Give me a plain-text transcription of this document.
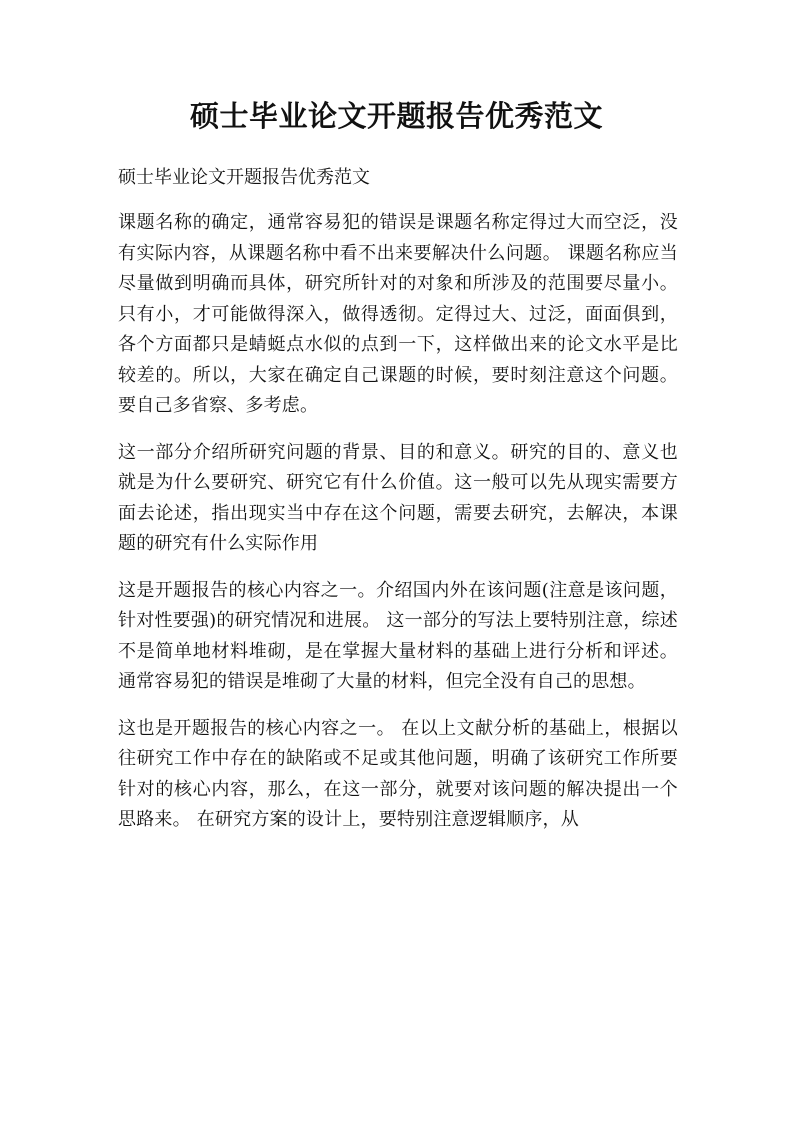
硕士毕业论文开题报告优秀范文

硕士毕业论文开题报告优秀范文

课题名称的确定，通常容易犯的错误是课题名称定得过大而空泛，没有实际内容，从课题名称中看不出来要解决什么问题。 课题名称应当尽量做到明确而具体，研究所针对的对象和所涉及的范围要尽量小。只有小，才可能做得深入，做得透彻。定得过大、过泛，面面俱到，各个方面都只是蜻蜓点水似的点到一下，这样做出来的论文水平是比较差的。所以，大家在确定自己课题的时候，要时刻注意这个问题。要自己多省察、多考虑。

这一部分介绍所研究问题的背景、目的和意义。研究的目的、意义也就是为什么要研究、研究它有什么价值。这一般可以先从现实需要方面去论述，指出现实当中存在这个问题，需要去研究，去解决，本课题的研究有什么实际作用

这是开题报告的核心内容之一。介绍国内外在该问题(注意是该问题，针对性要强)的研究情况和进展。 这一部分的写法上要特别注意，综述不是简单地材料堆砌，是在掌握大量材料的基础上进行分析和评述。通常容易犯的错误是堆砌了大量的材料，但完全没有自己的思想。

这也是开题报告的核心内容之一。 在以上文献分析的基础上，根据以往研究工作中存在的缺陷或不足或其他问题，明确了该研究工作所要针对的核心内容，那么，在这一部分，就要对该问题的解决提出一个思路来。 在研究方案的设计上，要特别注意逻辑顺序，从
